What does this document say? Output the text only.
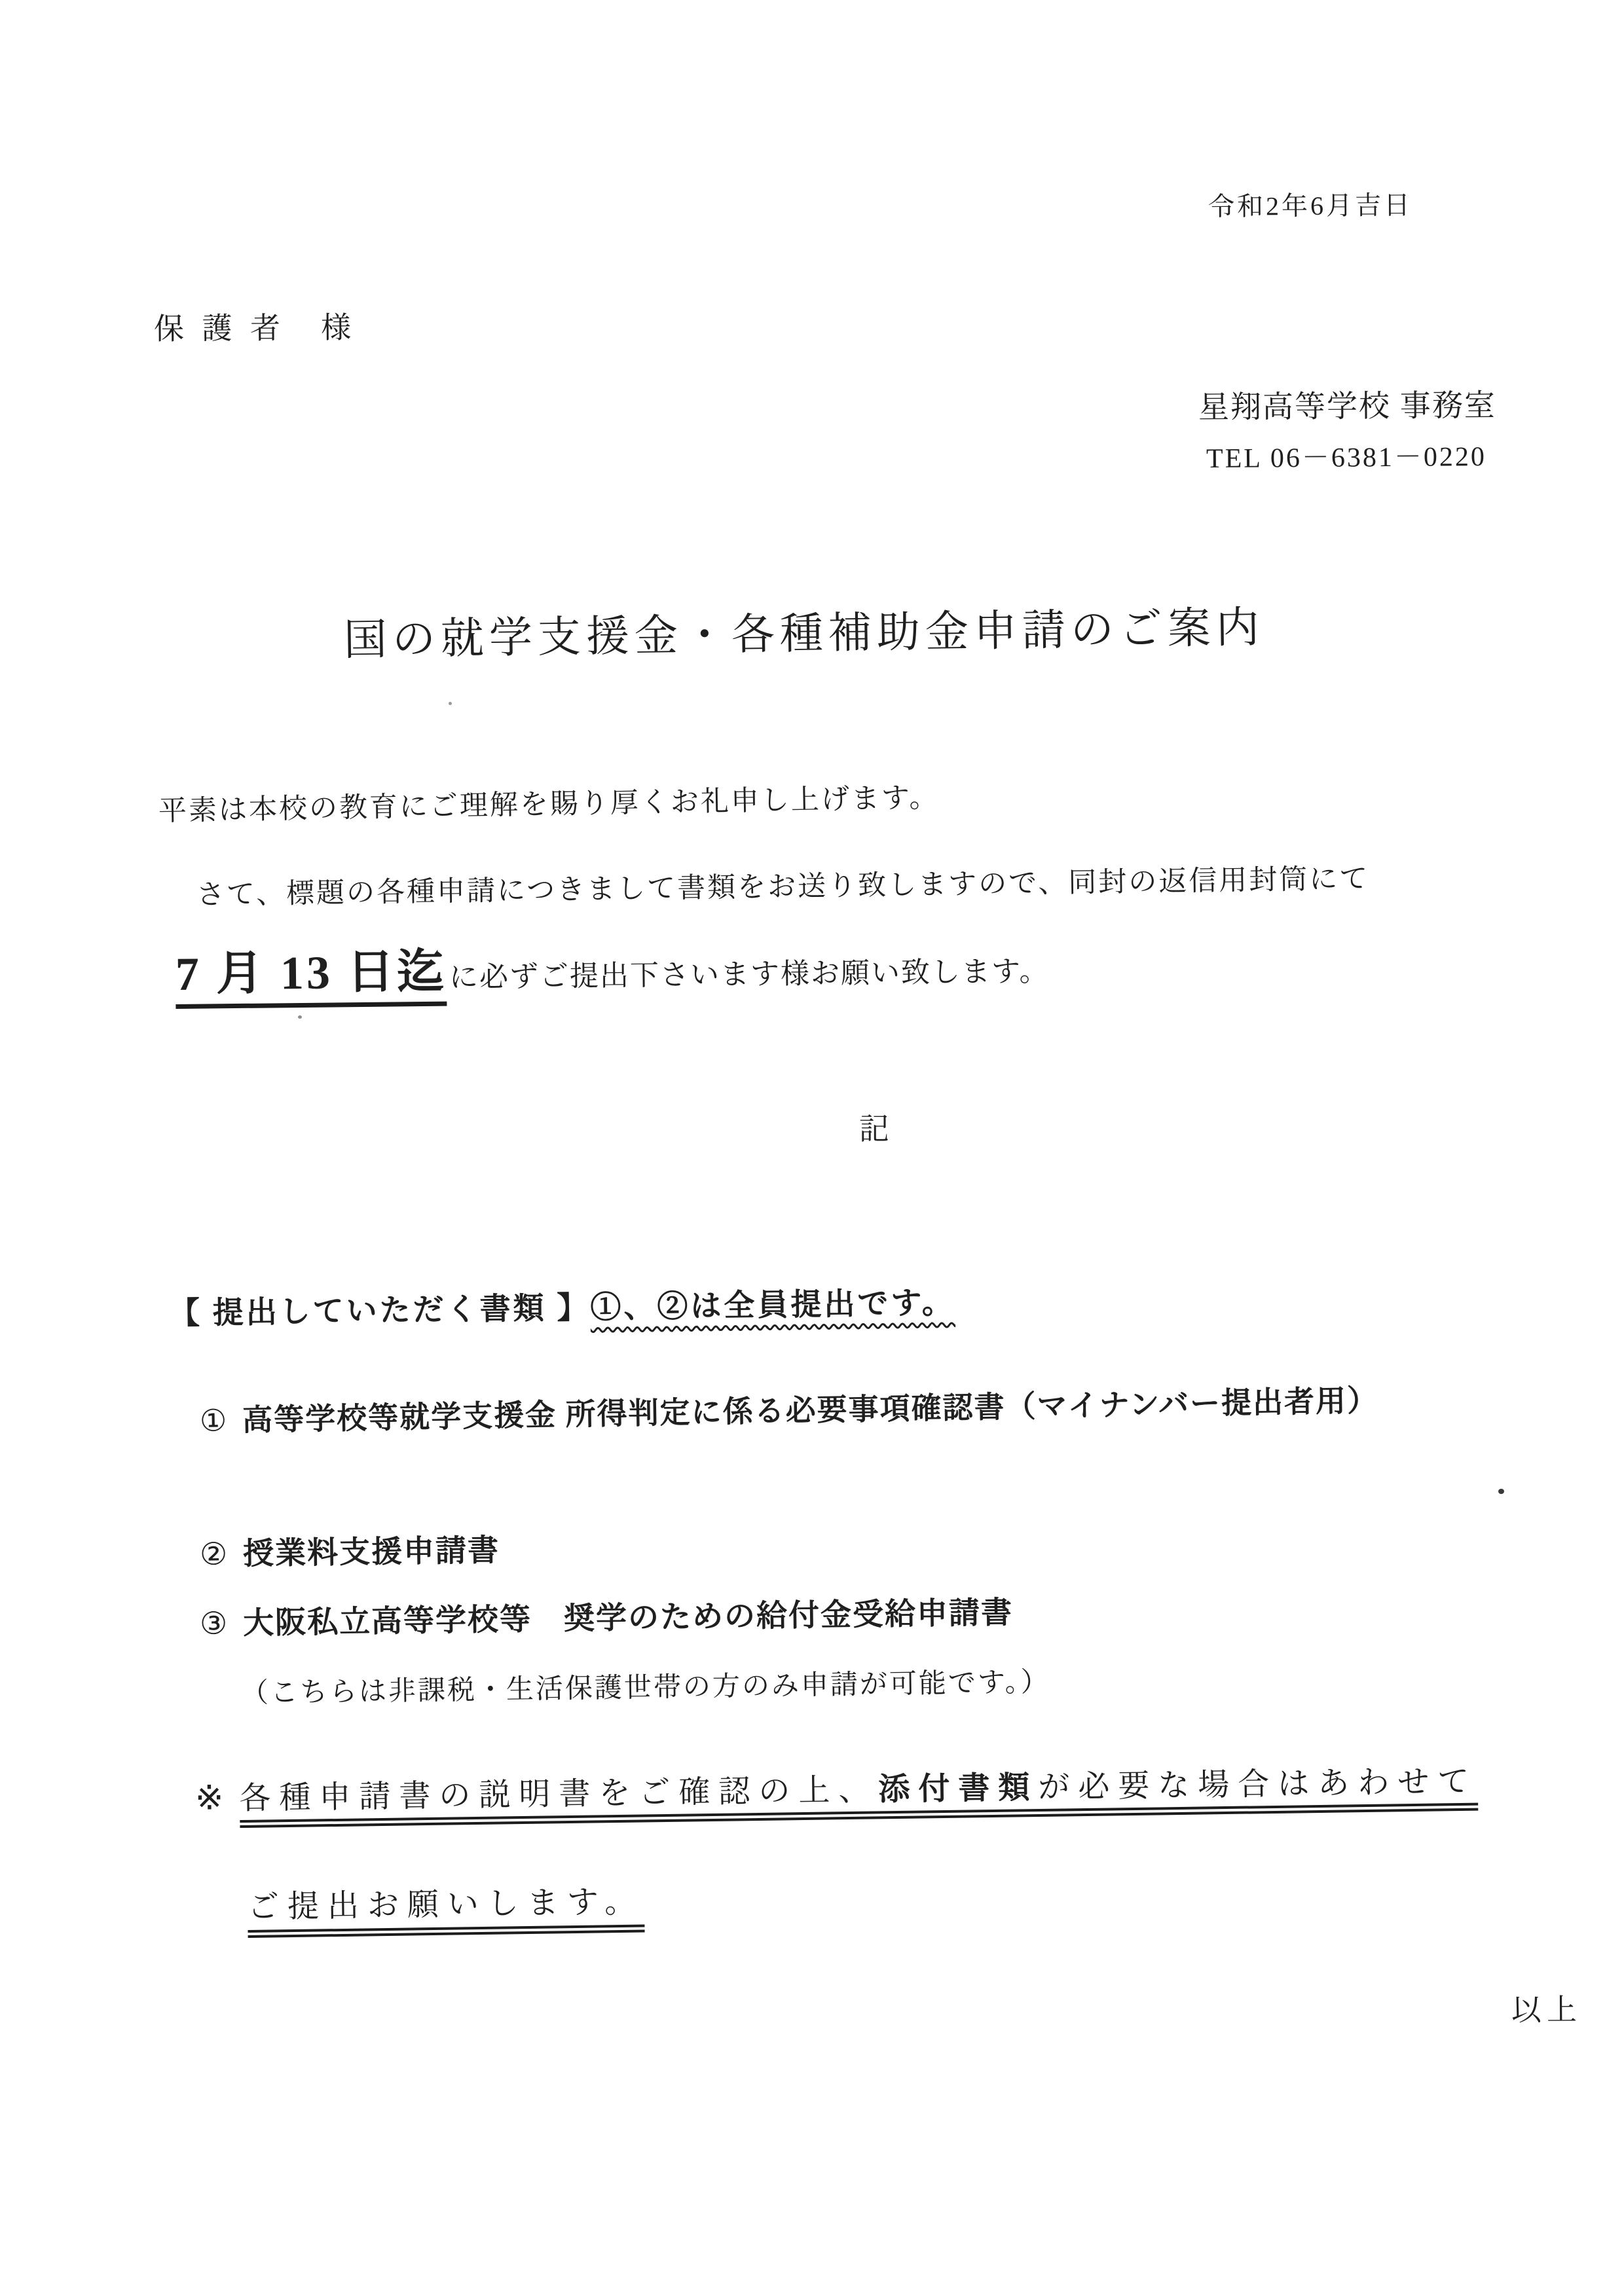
令和2年6月吉日
保 護 者　様
星翔高等学校 事務室
TEL 06－6381－0220
国の就学支援金・各種補助金申請のご案内
平素は本校の教育にご理解を賜り厚くお礼申し上げます。
さて、標題の各種申請につきまして書類をお送り致しますので、同封の返信用封筒にて
7 月 13 日迄 に必ずご提出下さいます様お願い致します。
記
【 提出していただく書類 】①、②は全員提出です。
① 高等学校等就学支援金 所得判定に係る必要事項確認書（マイナンバー提出者用）
② 授業料支援申請書
③ 大阪私立高等学校等　奨学のための給付金受給申請書
（こちらは非課税・生活保護世帯の方のみ申請が可能です。）
※ 各種申請書の説明書をご確認の上、添付書類が必要な場合はあわせて
ご提出お願いします。
以上
